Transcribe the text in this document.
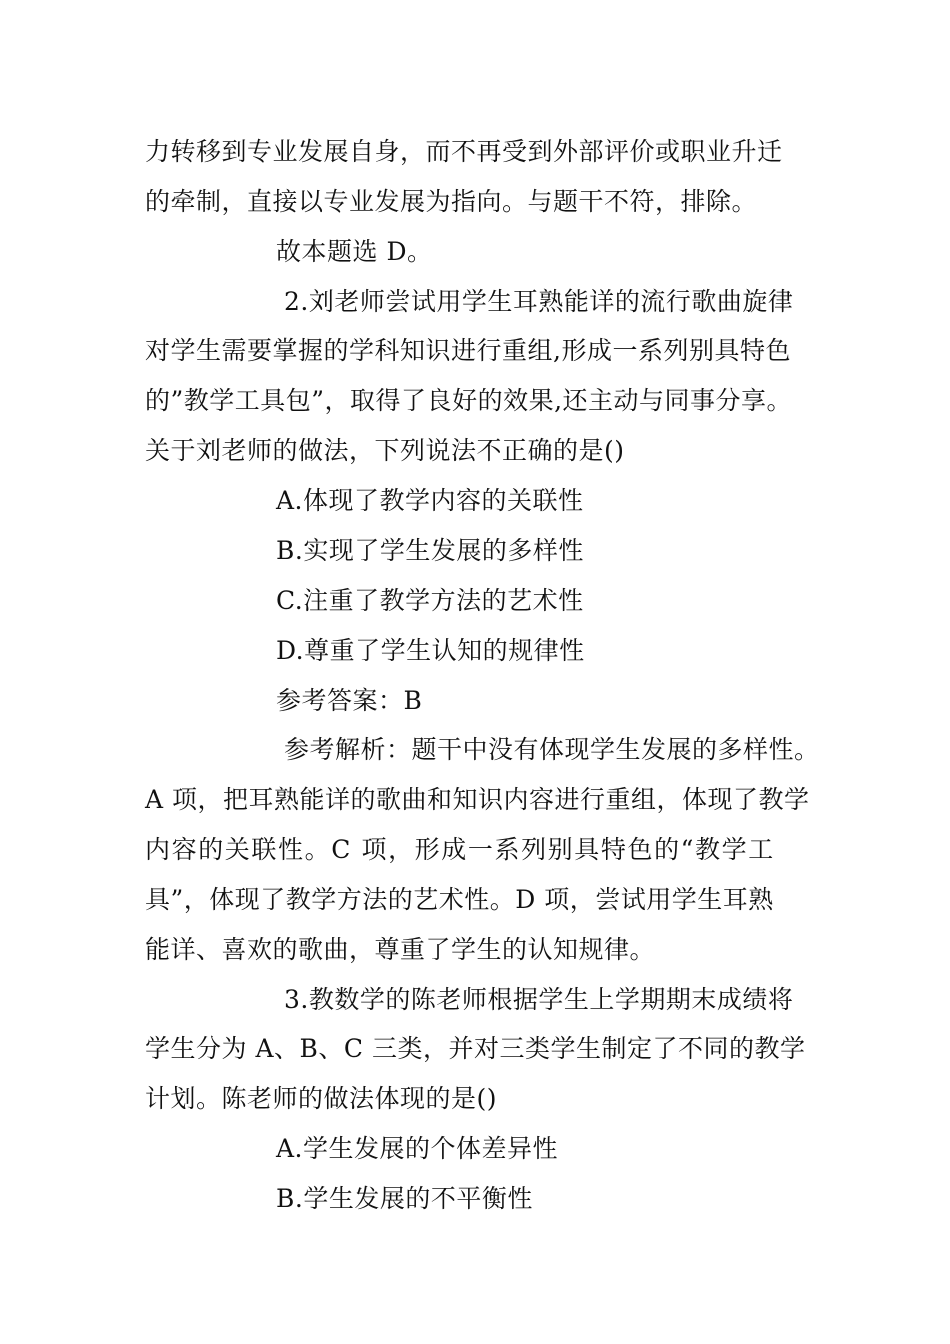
力转移到专业发展自身，而不再受到外部评价或职业升迁
的牵制，直接以专业发展为指向。与题干不符，排除。
故本题选 D。
2.刘老师尝试用学生耳熟能详的流行歌曲旋律
对学生需要掌握的学科知识进行重组,形成一系列别具特色
的”教学工具包”，取得了良好的效果,还主动与同事分享。
关于刘老师的做法，下列说法不正确的是()
A.体现了教学内容的关联性
B.实现了学生发展的多样性
C.注重了教学方法的艺术性
D.尊重了学生认知的规律性
参考答案：B
参考解析：题干中没有体现学生发展的多样性。
A 项，把耳熟能详的歌曲和知识内容进行重组，体现了教学
内容的关联性。C 项，形成一系列别具特色的“教学工
具”，体现了教学方法的艺术性。D 项，尝试用学生耳熟
能详、喜欢的歌曲，尊重了学生的认知规律。
3.教数学的陈老师根据学生上学期期末成绩将
学生分为 A、B、C 三类，并对三类学生制定了不同的教学
计划。陈老师的做法体现的是()
A.学生发展的个体差异性
B.学生发展的不平衡性
